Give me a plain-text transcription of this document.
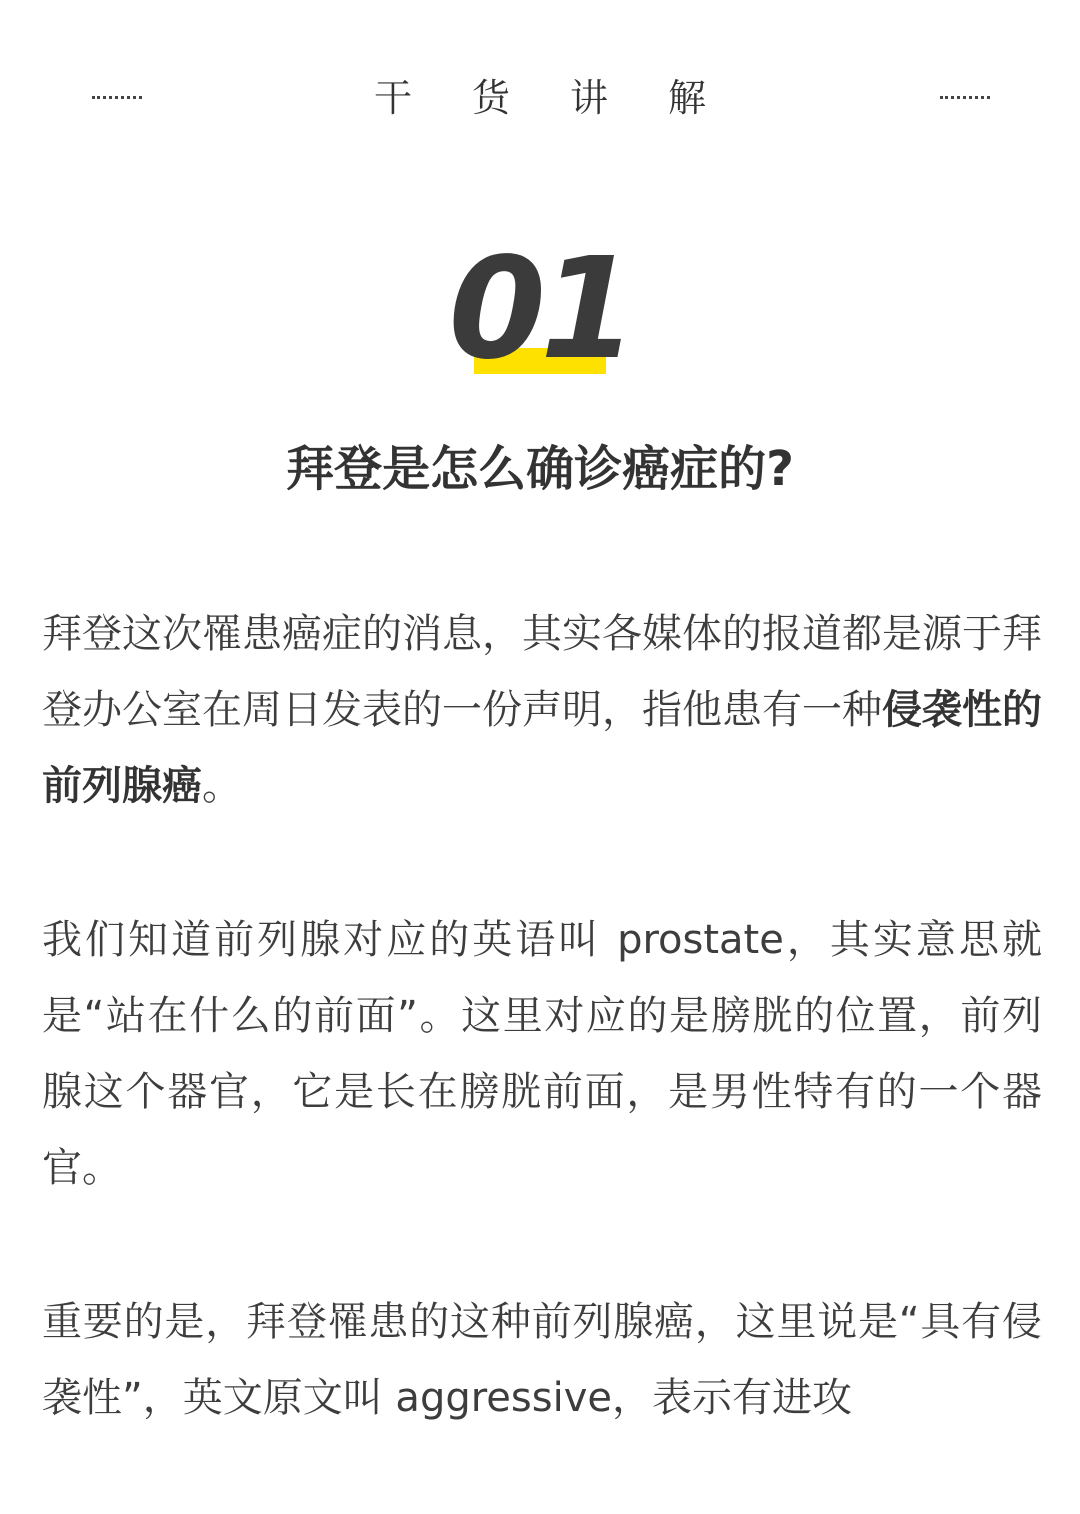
干货讲解
01
拜登是怎么确诊癌症的?

拜登这次罹患癌症的消息，其实各媒体的报道都是源于拜登办公室在周日发表的一份声明，指他患有一种侵袭性的前列腺癌。

我们知道前列腺对应的英语叫 prostate，其实意思就是“站在什么的前面”。这里对应的是膀胱的位置，前列腺这个器官，它是长在膀胱前面，是男性特有的一个器官。

重要的是，拜登罹患的这种前列腺癌，这里说是“具有侵袭性”，英文原文叫 aggressive，表示有进攻
